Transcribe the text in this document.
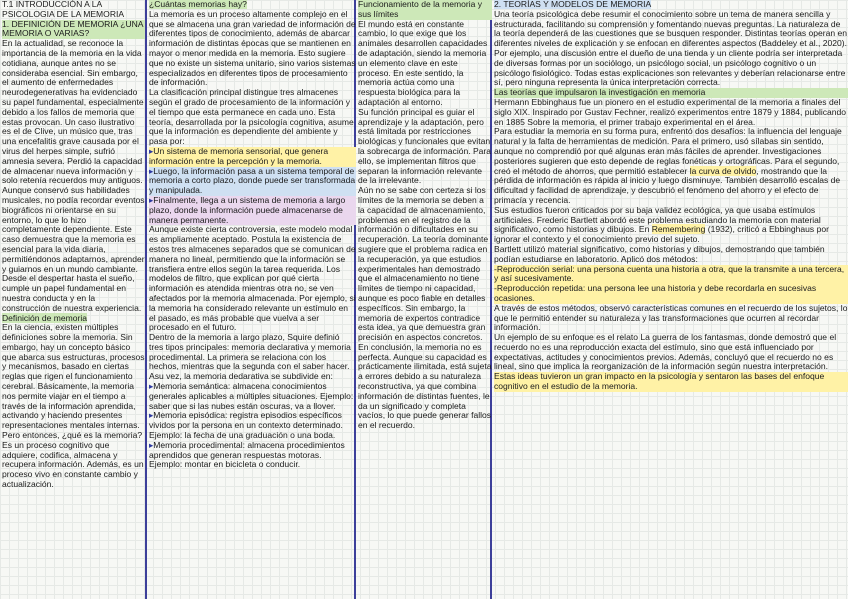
T.1 INTRODUCCIÓN A LA PSICOLOGIA DE LA MEMORIA

1. DEFINICIÓN DE MEMORIA ¿UNA MEMORIA O VARIAS?

En la actualidad, se reconoce la importancia de la memoria en la vida cotidiana, aunque antes no se consideraba esencial. Sin embargo, el aumento de enfermedades neurodegenerativas ha evidenciado su papel fundamental, especialmente debido a los fallos de memoria que estas provocan. Un caso ilustrativo es el de Clive, un músico que, tras una encefalitis grave causada por el virus del herpes simple, sufrió amnesia severa. Perdió la capacidad de almacenar nueva información y solo retenía recuerdos muy antiguos. Aunque conservó sus habilidades musicales, no podía recordar eventos biográficos ni orientarse en su entorno, lo que lo hizo completamente dependiente. Este caso demuestra que la memoria es esencial para la vida diaria, permitiéndonos adaptarnos, aprender y guiarnos en un mundo cambiante. Desde el despertar hasta el sueño, cumple un papel fundamental en nuestra conducta y en la construcción de nuestra experiencia.

Definición de memoria

En la ciencia, existen múltiples definiciones sobre la memoria. Sin embargo, hay un concepto básico que abarca sus estructuras, procesos y mecanismos, basado en ciertas reglas que rigen el funcionamiento cerebral. Básicamente, la memoria nos permite viajar en el tiempo a través de la información aprendida, activando y haciendo presentes representaciones mentales internas.

Pero entonces, ¿qué es la memoria?

Es un proceso cognitivo que adquiere, codifica, almacena y recupera información. Además, es un proceso vivo en constante cambio y actualización.

¿Cuántas memorias hay?

La memoria es un proceso altamente complejo en el que se almacena una gran variedad de información de diferentes tipos de conocimiento, además de abarcar información de distintas épocas que se mantienen en mayor o menor medida en la memoria. Esto sugiere que no existe un sistema unitario, sino varios sistemas especializados en diferentes tipos de procesamiento de información.

La clasificación principal distingue tres almacenes según el grado de procesamiento de la información y el tiempo que esta permanece en cada uno. Esta teoría, desarrollada por la psicología cognitiva, asume que la información es dependiente del ambiente y pasa por:

▸ Un sistema de memoria sensorial, que genera información entre la percepción y la memoria.

▸ Luego, la información pasa a un sistema temporal de memoria a corto plazo, donde puede ser transformada y manipulada.

▸ Finalmente, llega a un sistema de memoria a largo plazo, donde la información puede almacenarse de manera permanente.

Aunque existe cierta controversia, este modelo modal es ampliamente aceptado. Postula la existencia de estos tres almacenes separados que se comunican de manera no lineal, permitiendo que la información se transfiera entre ellos según la tarea requerida. Los modelos de filtro, que explican por qué cierta información es atendida mientras otra no, se ven afectados por la memoria almacenada. Por ejemplo, si la memoria ha considerado relevante un estímulo en el pasado, es más probable que vuelva a ser procesado en el futuro.

Dentro de la memoria a largo plazo, Squire definió tres tipos principales: memoria declarativa y memoria procedimental. La primera se relaciona con los hechos, mientras que la segunda con el saber hacer. Asu vez, la memoria dedarativa se subdivide en:

▸ Memoria semántica: almacena conocimientos generales aplicables a múltiples situaciones. Ejemplo: saber que si las nubes están oscuras, va a llover.

▸ Memoria episódica: registra episodios específicos vividos por la persona en un contexto determinado. Ejemplo: la fecha de una graduación o una boda.

▸ Memoria procedimental: almacena procedimientos aprendidos que generan respuestas motoras. Ejemplo: montar en bicicleta o conducir.

Funcionamiento de la memoria y sus límites

El mundo está en constante cambio, lo que exige que los animales desarrollen capacidades de adaptación, siendo la memoria un elemento clave en este proceso. En este sentido, la memoria actúa como una respuesta biológica para la adaptación al entorno.

Su función principal es guiar el aprendizaje y la adaptación, pero está limitada por restricciones biológicas y funcionales que evitan la sobrecarga de información. Para ello, se implementan filtros que separan la información relevante de la irrelevante.

Aún no se sabe con certeza si los límites de la memoria se deben a la capacidad de almacenamiento, problemas en el registro de la información o dificultades en su recuperación. La teoría dominante sugiere que el problema radica en la recuperación, ya que estudios experimentales han demostrado que el almacenamiento no tiene límites de tiempo ni capacidad, aunque es poco fiable en detalles específicos. Sin embargo, la memoria de expertos contradice esta idea, ya que demuestra gran precisión en aspectos concretos.

En conclusión, la memoria no es perfecta. Aunque su capacidad es prácticamente ilimitada, está sujeta a errores debido a su naturaleza reconstructiva, ya que combina información de distintas fuentes, le da un significado y completa vacíos, lo que puede generar fallos en el recuerdo.

2. TEORÍAS Y MODELOS DE MEMORIA

Una teoría psicológica debe resumir el conocimiento sobre un tema de manera sencilla y estructurada, facilitando su comprensión y fomentando nuevas preguntas. La naturaleza de la teoría dependerá de las cuestiones que se busquen responder. Distintas teorías operan en diferentes niveles de explicación y se enfocan en diferentes aspectos (Baddeley et al., 2020).

Por ejemplo, una discusión entre el dueño de una tienda y un cliente podría ser interpretada de diversas formas por un sociólogo, un psicólogo social, un psicólogo cognitivo o un psicólogo fisiológico. Todas estas explicaciones son relevantes y deberían relacionarse entre sí, pero ninguna representa la única interpretación correcta.

Las teorías que impulsaron la investigación en memoria

Hermann Ebbinghaus fue un pionero en el estudio experimental de la memoria a finales del siglo XIX. Inspirado por Gustav Fechner, realizó experimentos entre 1879 y 1884, publicando en 1885 Sobre la memoria, el primer trabajo experimental en el área.

Para estudiar la memoria en su forma pura, enfrentó dos desafíos: la influencia del lenguaje natural y la falta de herramientas de medición. Para el primero, usó sílabas sin sentido, aunque no comprendió por qué algunas eran más fáciles de aprender. Investigaciones posteriores sugieren que esto depende de reglas fonéticas y ortográficas. Para el segundo, creó el método de ahorros, que permitió establecer la curva de olvido, mostrando que la pérdida de información es rápida al inicio y luego disminuye. También desarrolló escalas de dificultad y facilidad de aprendizaje, y descubrió el fenómeno del ahorro y el efecto de primacía y recencia.

Sus estudios fueron criticados por su baja validez ecológica, ya que usaba estímulos artificiales. Frederic Bartlett abordó este problema estudiando la memoria con material significativo, como historias y dibujos. En Remembering (1932), criticó a Ebbinghaus por ignorar el contexto y el conocimiento previo del sujeto.

Bartlett utilizó material significativo, como historias y dibujos, demostrando que también podían estudiarse en laboratorio. Aplicó dos métodos:

-Reproducción serial: una persona cuenta una historia a otra, que la transmite a una tercera, y así sucesivamente.

-Reproducción repetida: una persona lee una historia y debe recordarla en sucesivas ocasiones.

A través de estos métodos, observó características comunes en el recuerdo de los sujetos, lo que le permitió entender su naturaleza y las transformaciones que ocurren al recordar información.

Un ejemplo de su enfoque es el relato La guerra de los fantasmas, donde demostró que el recuerdo no es una reproducción exacta del estímulo, sino que está influenciado por expectativas, actitudes y conocimientos previos. Además, concluyó que el recuerdo no es lineal, sino que implica la reorganización de la información según nuestra interpretación.

Estas ideas tuvieron un gran impacto en la psicología y sentaron las bases del enfoque cognitivo en el estudio de la memoria.
